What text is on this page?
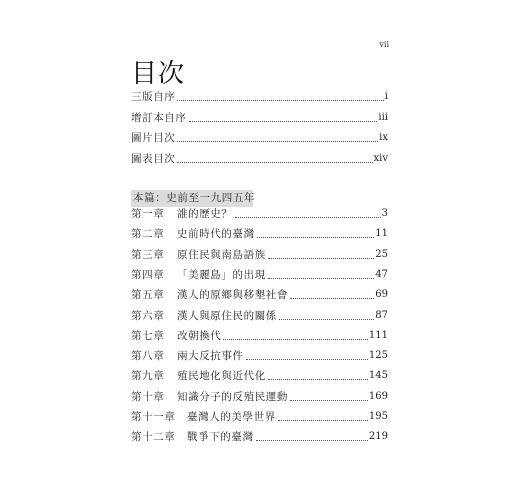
vii
目次
三版自序	i
增訂本自序	iii
圖片目次	ix
圖表目次	xiv
本篇：史前至一九四五年
第一章 誰的歷史？	3
第二章 史前時代的臺灣	11
第三章 原住民與南島語族	25
第四章 「美麗島」的出現	47
第五章 漢人的原鄉與移墾社會	69
第六章 漢人與原住民的關係	87
第七章 改朝換代	111
第八章 兩大反抗事件	125
第九章 殖民地化與近代化	145
第十章 知識分子的反殖民運動	169
第十一章 臺灣人的美學世界	195
第十二章 戰爭下的臺灣	219
